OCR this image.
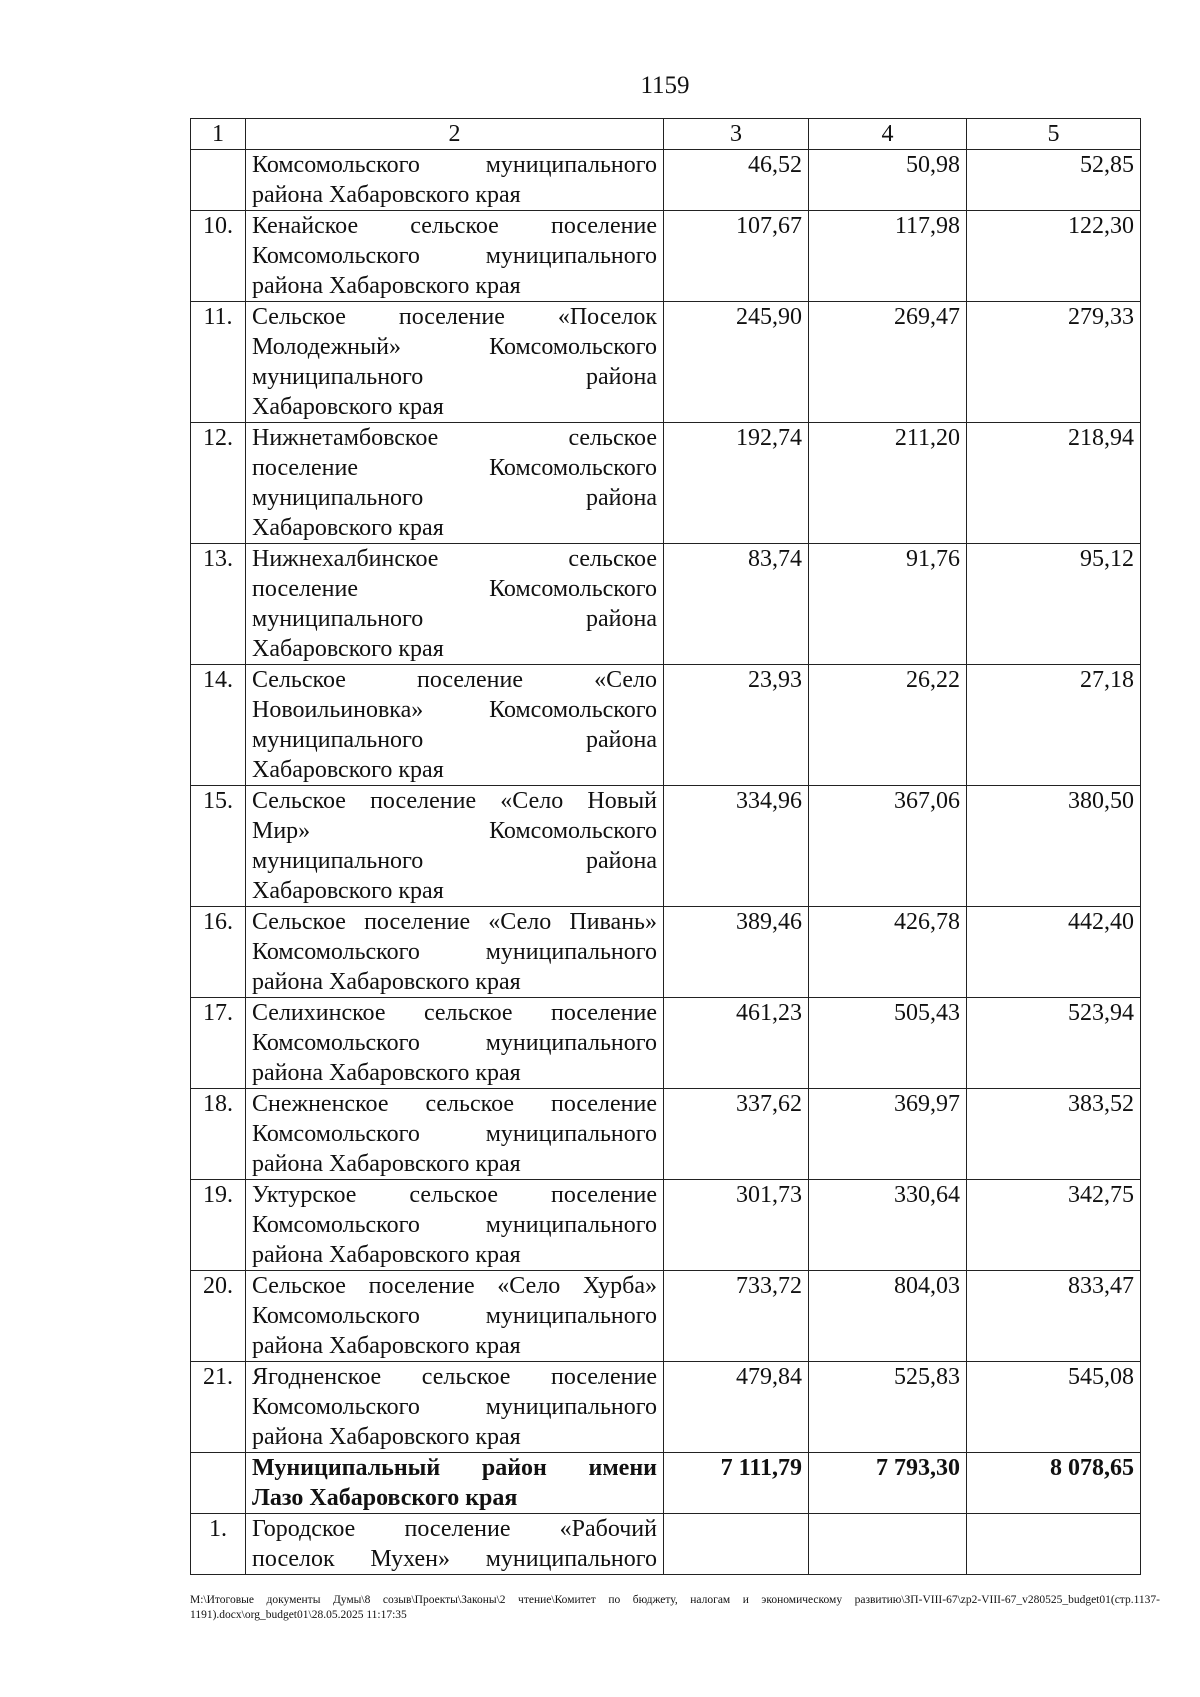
1159
1	2	3	4	5

	Комсомольского муниципального
района Хабаровского края	46,52	50,98	52,85
10.	Кенайское сельское поселение
Комсомольского муниципального
района Хабаровского края	107,67	117,98	122,30
11.	Сельское поселение «Поселок
Молодежный» Комсомольского
муниципального района
Хабаровского края	245,90	269,47	279,33
12.	Нижнетамбовское сельское
поселение Комсомольского
муниципального района
Хабаровского края	192,74	211,20	218,94
13.	Нижнехалбинское сельское
поселение Комсомольского
муниципального района
Хабаровского края	83,74	91,76	95,12
14.	Сельское поселение «Село
Новоильиновка» Комсомольского
муниципального района
Хабаровского края	23,93	26,22	27,18
15.	Сельское поселение «Село Новый
Мир» Комсомольского
муниципального района
Хабаровского края	334,96	367,06	380,50
16.	Сельское поселение «Село Пивань»
Комсомольского муниципального
района Хабаровского края	389,46	426,78	442,40
17.	Селихинское сельское поселение
Комсомольского муниципального
района Хабаровского края	461,23	505,43	523,94
18.	Снежненское сельское поселение
Комсомольского муниципального
района Хабаровского края	337,62	369,97	383,52
19.	Уктурское сельское поселение
Комсомольского муниципального
района Хабаровского края	301,73	330,64	342,75
20.	Сельское поселение «Село Хурба»
Комсомольского муниципального
района Хабаровского края	733,72	804,03	833,47
21.	Ягодненское сельское поселение
Комсомольского муниципального
района Хабаровского края	479,84	525,83	545,08

	Муниципальный район имени
Лазо Хабаровского края	7 111,79	7 793,30	8 078,65
1.	Городское поселение «Рабочий
поселок Мухен» муниципального			

M:\Итоговые документы Думы\8 созыв\Проекты\Законы\2 чтение\Комитет по бюджету, налогам и экономическому развитию\ЗП-VIII-67\zp2-VIII-67_v280525_budget01(стр.1137-1191).docx\org_budget01\28.05.2025 11:17:35
